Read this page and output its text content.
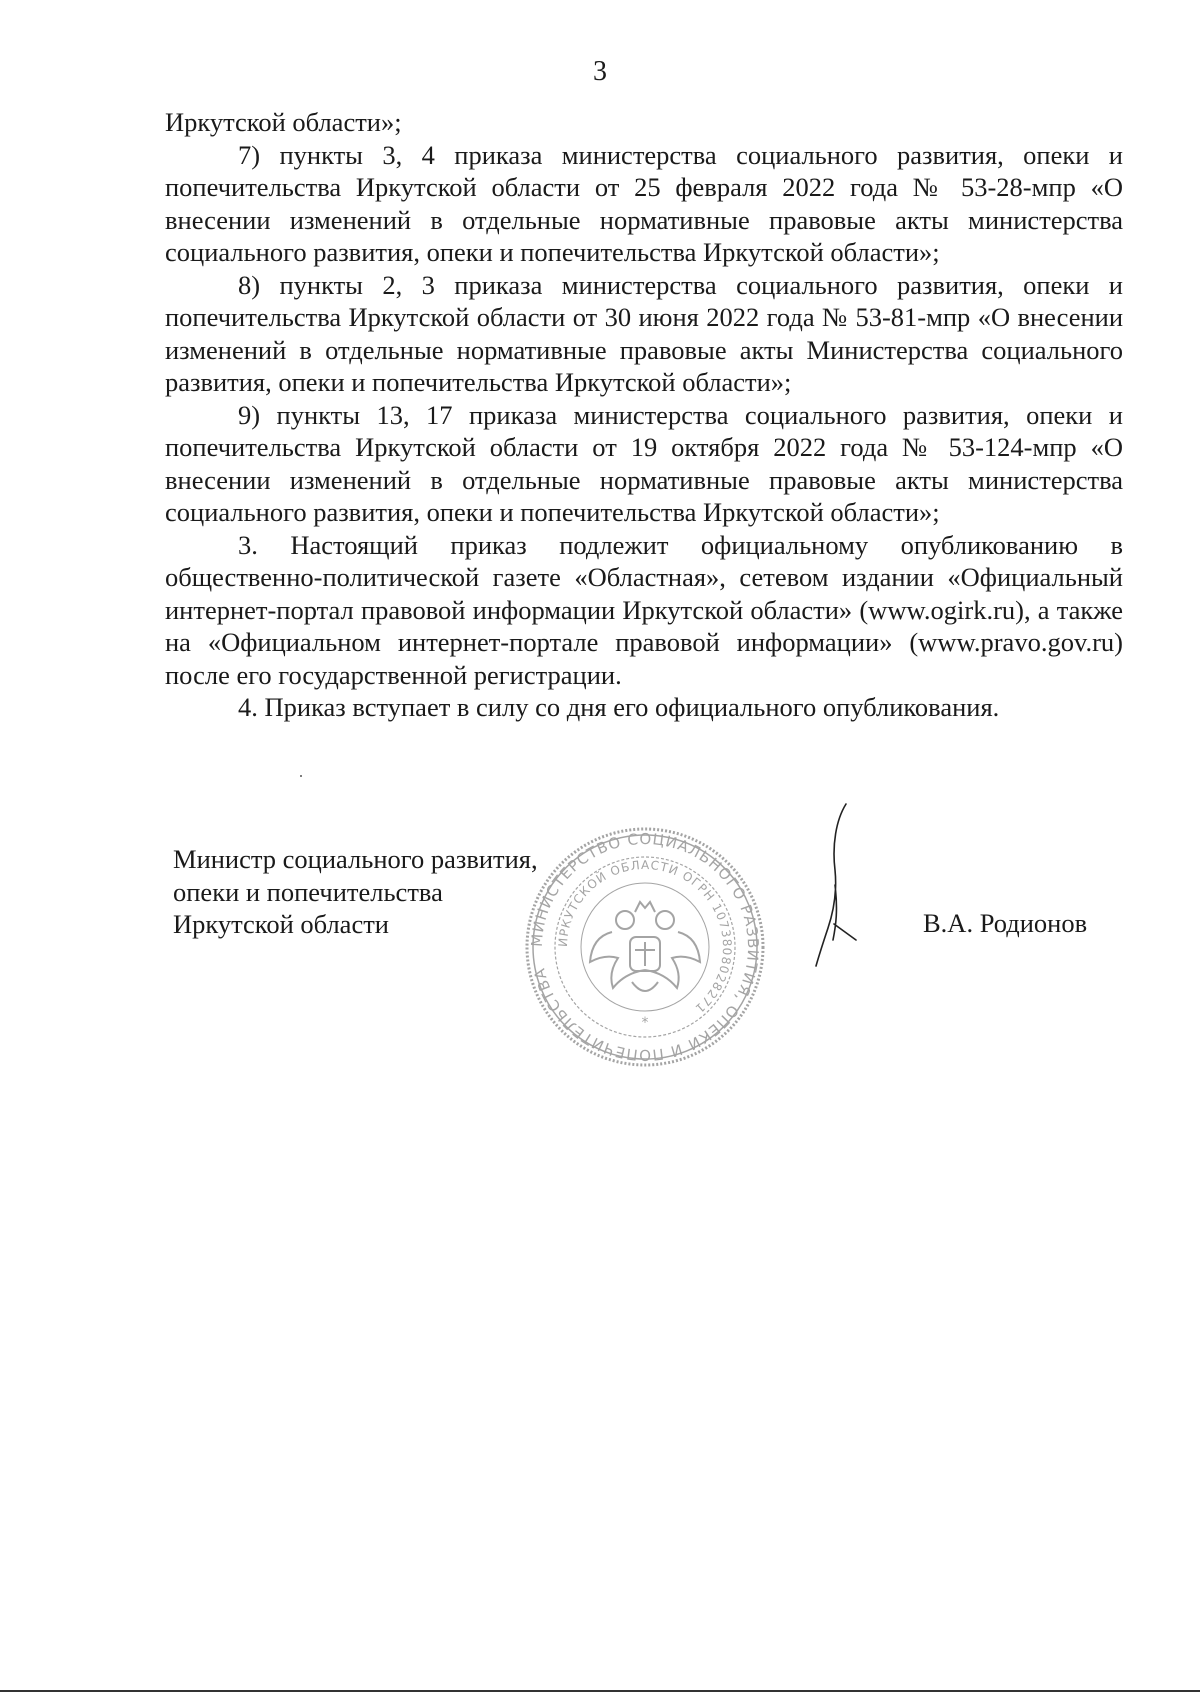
3

Иркутской области»;

7) пункты 3, 4 приказа министерства социального развития, опеки и попечительства Иркутской области от 25 февраля 2022 года № 53-28-мпр «О внесении изменений в отдельные нормативные правовые акты министерства социального развития, опеки и попечительства Иркутской области»;

8) пункты 2, 3 приказа министерства социального развития, опеки и попечительства Иркутской области от 30 июня 2022 года № 53-81-мпр «О внесении изменений в отдельные нормативные правовые акты Министерства социального развития, опеки и попечительства Иркутской области»;

9) пункты 13, 17 приказа министерства социального развития, опеки и попечительства Иркутской области от 19 октября 2022 года № 53-124-мпр «О внесении изменений в отдельные нормативные правовые акты министерства социального развития, опеки и попечительства Иркутской области»;

3. Настоящий приказ подлежит официальному опубликованию в общественно-политической газете «Областная», сетевом издании «Официальный интернет-портал правовой информации Иркутской области» (www.ogirk.ru), а также на «Официальном интернет-портале правовой информации» (www.pravo.gov.ru) после его государственной регистрации.

4. Приказ вступает в силу со дня его официального опубликования.

Министр социального развития,
опеки и попечительства
Иркутской области
МИНИСТЕРСТВО СОЦИАЛЬНОГО РАЗВИТИЯ, ОПЕКИ И ПОПЕЧИТЕЛЬСТВА
ИРКУТСКОЙ ОБЛАСТИ ОГРН 1073808028271
*
В.А. Родионов
